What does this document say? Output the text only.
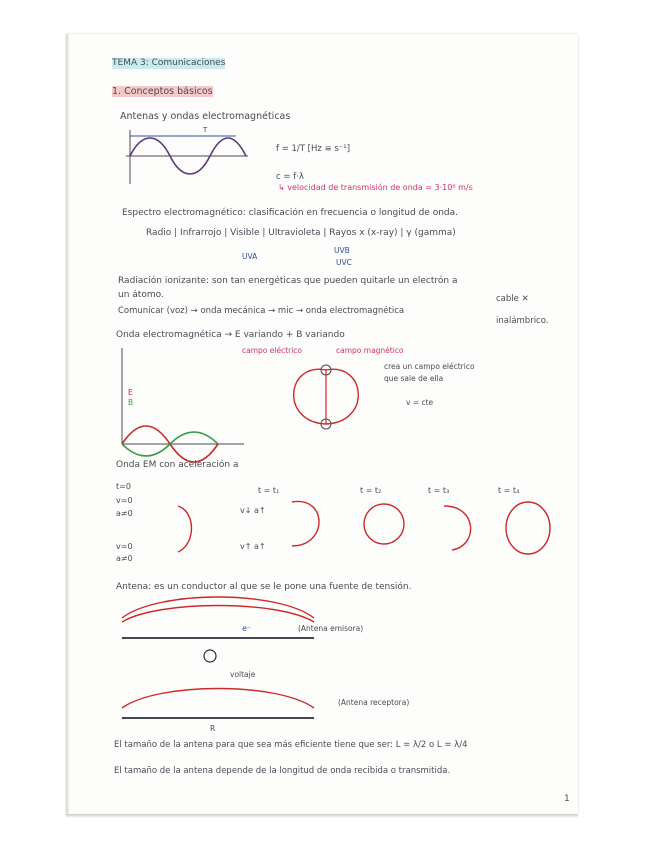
TEMA 3: Comunicaciones
1. Conceptos básicos
Antenas y ondas electromagnéticas
T
f = 1/T [Hz ≡ s⁻¹]
c = f·λ
↳ velocidad de transmisión de onda = 3·10⁸ m/s
Espectro electromagnético: clasificación en frecuencia o longitud de onda.
Radio | Infrarrojo | Visible | Ultravioleta | Rayos x (x-ray) | γ (gamma)
UVA
UVB
UVC
Radiación ionizante: son tan energéticas que pueden quitarle un electrón a
un átomo.
Comunicar (voz) → onda mecánica → mic → onda electromagnética
cable ✕
inalámbrico.
Onda electromagnética → E variando + B variando
campo eléctrico	campo magnético
E
B
crea un campo eléctrico
que sale de ella
v = cte
Onda EM con aceleración a
t=0
v=0
a≠0
v=0
a≠0
t = t₁	t = t₂	t = t₃	t = t₄
v↓ a↑
v↑ a↑
Antena: es un conductor al que se le pone una fuente de tensión.
e⁻	(Antena emisora)
voltaje
(Antena receptora)
R
El tamaño de la antena para que sea más eficiente tiene que ser: L = λ/2 o L = λ/4
El tamaño de la antena depende de la longitud de onda recibida o transmitida.
1
